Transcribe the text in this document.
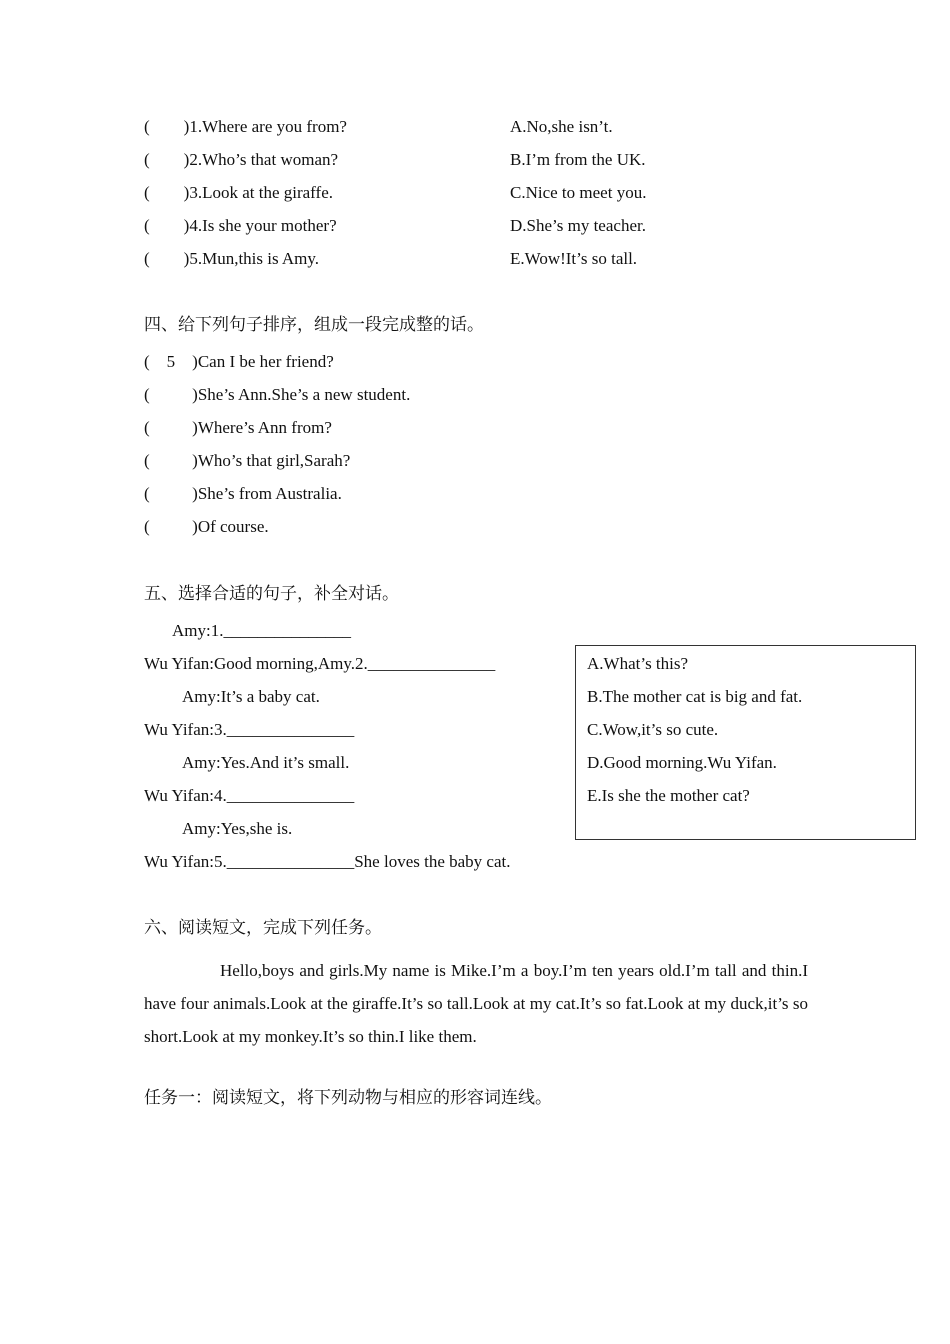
(        )1.Where are you from?	A.No,she isn’t.
(        )2.Who’s that woman?	B.I’m from the UK.
(        )3.Look at the giraffe.	C.Nice to meet you.
(        )4.Is she your mother?	D.She’s my teacher.
(        )5.Mun,this is Amy.	E.Wow!It’s so tall.
四、给下列句子排序，组成一段完成整的话。
(    5    )Can I be her friend?
(          )She’s Ann.She’s a new student.
(          )Where’s Ann from?
(          )Who’s that girl,Sarah?
(          )She’s from Australia.
(          )Of course.
五、选择合适的句子，补全对话。
Amy:1._______________
Wu Yifan:Good morning,Amy.2._______________
Amy:It’s a baby cat.
Wu Yifan:3._______________
Amy:Yes.And it’s small.
Wu Yifan:4._______________
Amy:Yes,she is.
Wu Yifan:5._______________She loves the baby cat.
A.What’s this?
B.The mother cat is big and fat.
C.Wow,it’s so cute.
D.Good morning.Wu Yifan.
E.Is she the mother cat?
六、阅读短文，完成下列任务。
Hello,boys and girls.My name is Mike.I’m a boy.I’m ten years old.I’m tall and thin.I have four animals.Look at the giraffe.It’s so tall.Look at my cat.It’s so fat.Look at my duck,it’s so short.Look at my monkey.It’s so thin.I like them.
任务一：阅读短文，将下列动物与相应的形容词连线。
